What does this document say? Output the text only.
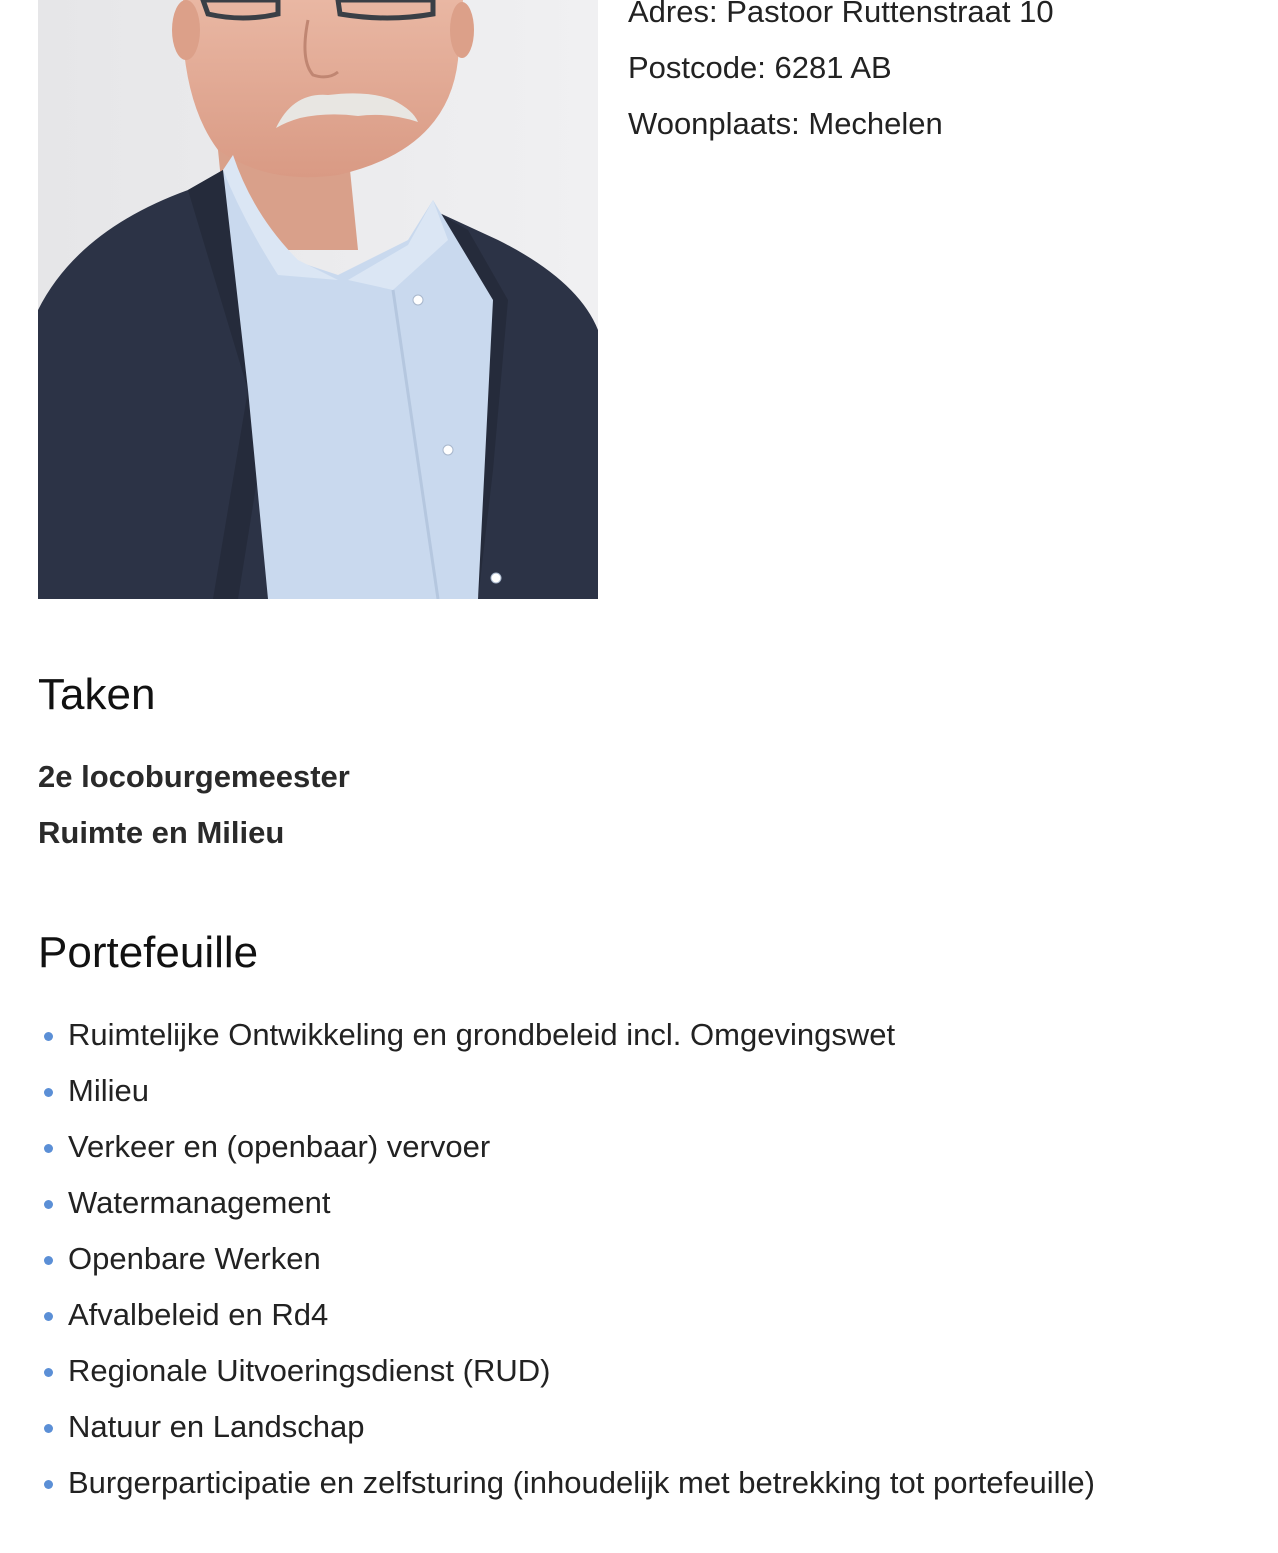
Adres: Pastoor Ruttenstraat 10
Postcode: 6281 AB
Woonplaats: Mechelen
Taken
2e locoburgemeester
Ruimte en Milieu
Portefeuille
Ruimtelijke Ontwikkeling en grondbeleid incl. Omgevingswet
Milieu
Verkeer en (openbaar) vervoer
Watermanagement
Openbare Werken
Afvalbeleid en Rd4
Regionale Uitvoeringsdienst (RUD)
Natuur en Landschap
Burgerparticipatie en zelfsturing (inhoudelijk met betrekking tot portefeuille)
